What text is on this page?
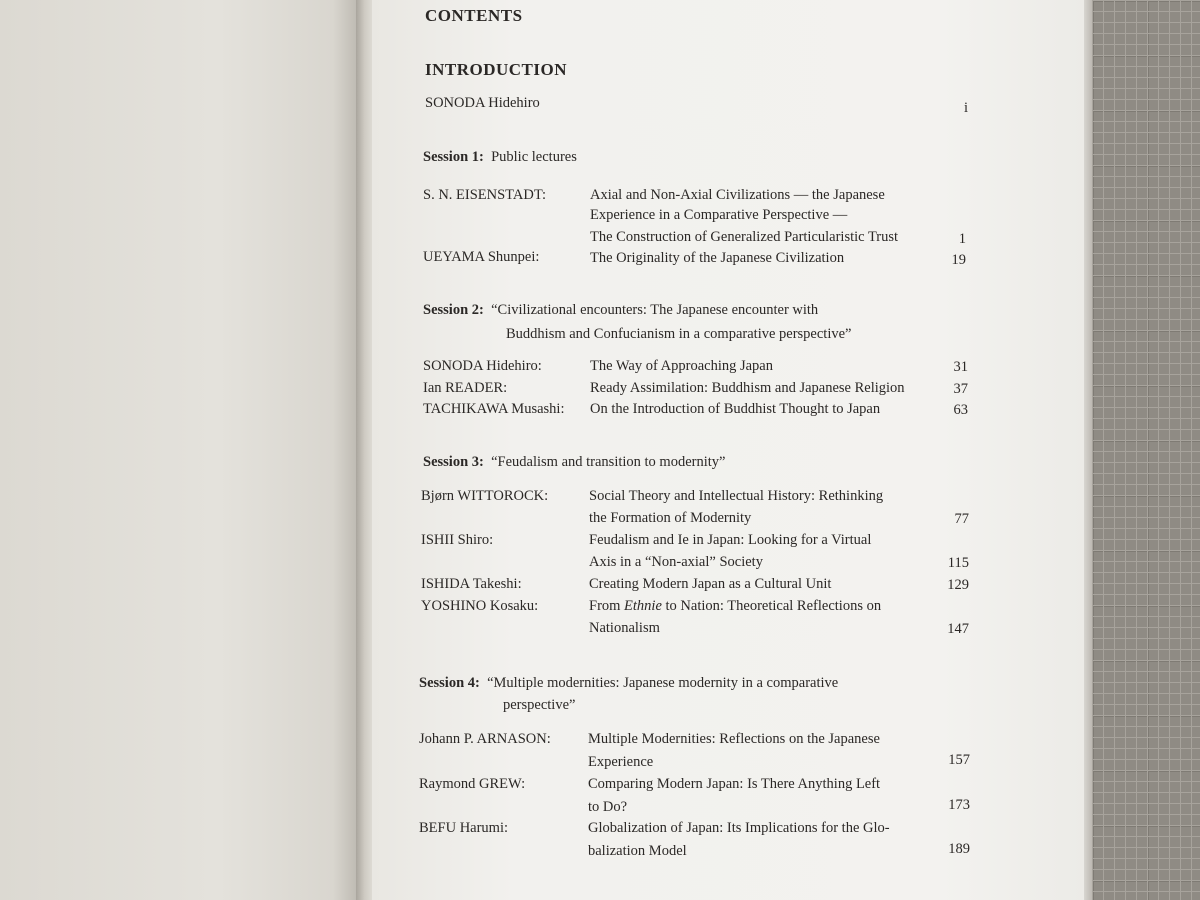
CONTENTS
INTRODUCTION
SONODA Hidehiro	i
Session 1: Public lectures
S. N. EISENSTADT:	Axial and Non-Axial Civilizations — the Japanese
Experience in a Comparative Perspective —
The Construction of Generalized Particularistic Trust	1
UEYAMA Shunpei:	The Originality of the Japanese Civilization	19
Session 2: “Civilizational encounters: The Japanese encounter with
Buddhism and Confucianism in a comparative perspective”
SONODA Hidehiro:	The Way of Approaching Japan	31
Ian READER:	Ready Assimilation: Buddhism and Japanese Religion	37
TACHIKAWA Musashi: On the Introduction of Buddhist Thought to Japan	63
Session 3: “Feudalism and transition to modernity”
Bjørn WITTOROCK:	Social Theory and Intellectual History: Rethinking
the Formation of Modernity	77
ISHII Shiro:	Feudalism and Ie in Japan: Looking for a Virtual
Axis in a “Non-axial” Society	115
ISHIDA Takeshi:	Creating Modern Japan as a Cultural Unit	129
YOSHINO Kosaku:	From Ethnie to Nation: Theoretical Reflections on
Nationalism	147
Session 4: “Multiple modernities: Japanese modernity in a comparative
perspective”
Johann P. ARNASON:	Multiple Modernities: Reflections on the Japanese
Experience	157
Raymond GREW:	Comparing Modern Japan: Is There Anything Left
to Do?	173
BEFU Harumi:	Globalization of Japan: Its Implications for the Glo-
balization Model	189
